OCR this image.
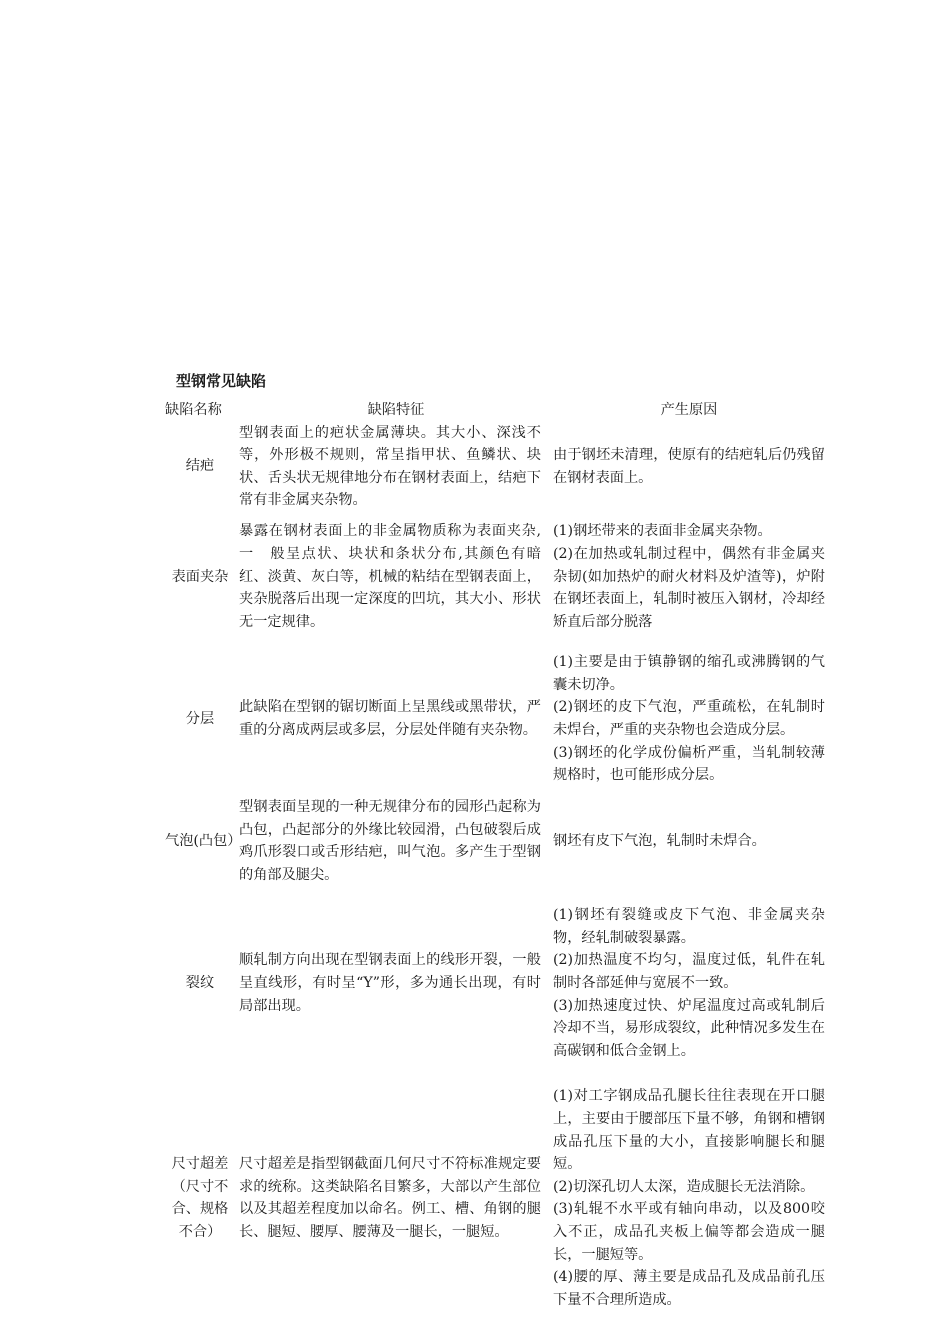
型钢常见缺陷
缺陷名称	缺陷特征	产生原因
结疤	型钢表面上的疤状金属薄块。其大小、深浅不等，外形极不规则，常呈指甲状、鱼鳞状、块状、舌头状无规律地分布在钢材表面上，结疤下常有非金属夹杂物。	由于钢坯未清理，使原有的结疤轧后仍残留在钢材表面上。

表面夹杂	暴露在钢材表面上的非金属物质称为表面夹杂,一　般呈点状、块状和条状分布,其颜色有暗红、淡黄、灰白等，机械的粘结在型钢表面上，夹杂脱落后出现一定深度的凹坑，其大小、形状无一定规律。	(1)钢坯带来的表面非金属夹杂物。
(2)在加热或轧制过程中，偶然有非金属夹杂韧(如加热炉的耐火材料及炉渣等)，炉附在钢坯表面上，轧制时被压入钢材，冷却经矫直后部分脱落

分层	此缺陷在型钢的锯切断面上呈黑线或黑带状，严重的分离成两层或多层，分层处伴随有夹杂物。	(1)主要是由于镇静钢的缩孔或沸腾钢的气囊未切净。
(2)钢坯的皮下气泡，严重疏松，在轧制时未焊台，严重的夹杂物也会造成分层。
(3)钢坯的化学成份偏析严重，当轧制较薄规格时，也可能形成分层。

气泡(凸包）	型钢表面呈现的一种无规律分布的园形凸起称为凸包，凸起部分的外缘比较园滑，凸包破裂后成鸡爪形裂口或舌形结疤，叫气泡。多产生于型钢的角部及腿尖。	钢坯有皮下气泡，轧制时未焊合。

裂纹	顺轧制方向出现在型钢表面上的线形开裂，一般呈直线形，有时呈“Y”形，多为通长出现，有时局部出现。	(1)钢坯有裂缝或皮下气泡、非金属夹杂物，经轧制破裂暴露。
(2)加热温度不均匀，温度过低，轧件在轧制时各部延伸与宽展不一致。
(3)加热速度过快、炉尾温度过高或轧制后冷却不当，易形成裂纹，此种情况多发生在高碳钢和低合金钢上。

尺寸超差（尺寸不合、规格不合）	尺寸超差是指型钢截面几何尺寸不符标准规定要求的统称。这类缺陷名目繁多，大部以产生部位以及其超差程度加以命名。例工、槽、角钢的腿长、腿短、腰厚、腰薄及一腿长，一腿短。	(1)对工字钢成品孔腿长往往表现在开口腿上，主要由于腰部压下量不够，角钢和槽钢成品孔压下量的大小，直接影响腿长和腿短。
(2)切深孔切人太深，造成腿长无法消除。
(3)轧辊不水平或有轴向串动，以及800咬入不正，成品孔夹板上偏等都会造成一腿长，一腿短等。
(4)腰的厚、薄主要是成品孔及成品前孔压下量不合理所造成。
